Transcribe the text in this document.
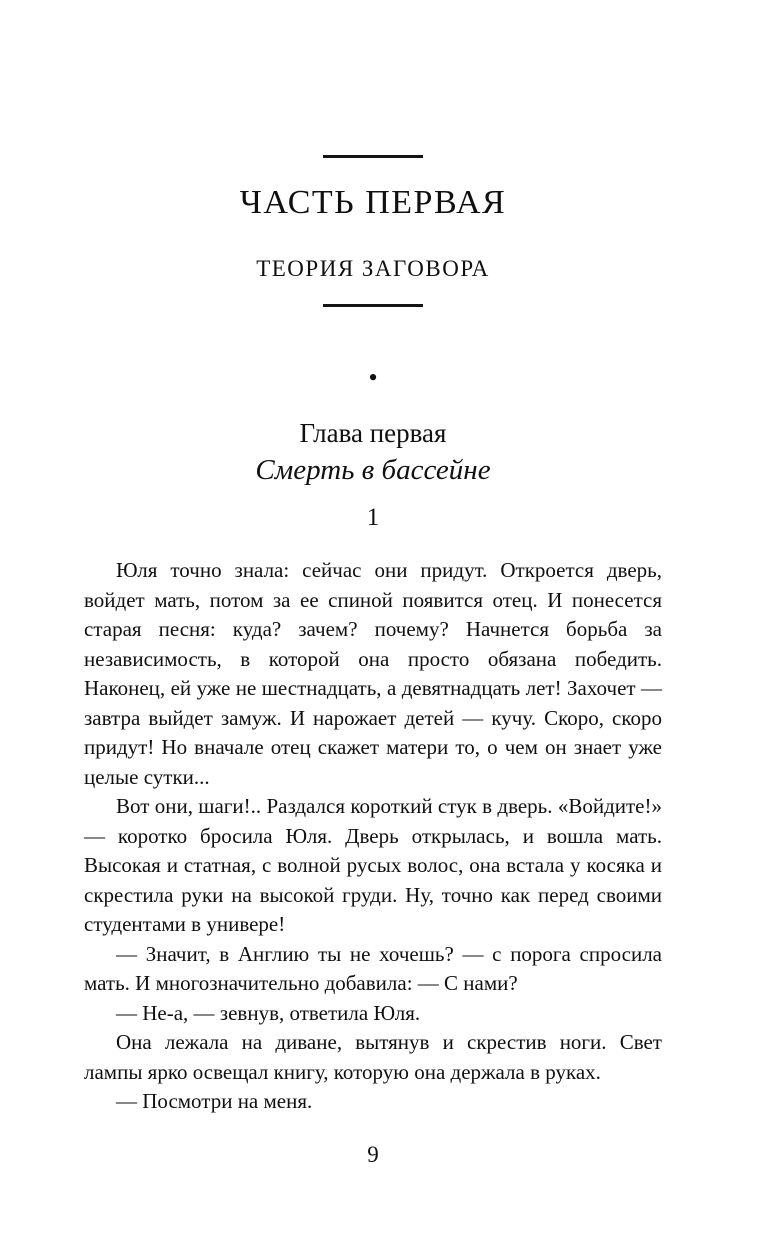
ЧАСТЬ ПЕРВАЯ
ТЕОРИЯ ЗАГОВОРА
•
Глава первая
Смерть в бассейне
1

Юля точно знала: сейчас они придут. Откроется дверь, войдет мать, потом за ее спиной появится отец. И понесется старая песня: куда? зачем? почему? Начнется борьба за независимость, в которой она просто обязана победить. Наконец, ей уже не шестнадцать, а девятнадцать лет! Захочет — завтра выйдет замуж. И нарожает детей — кучу. Скоро, скоро придут! Но вначале отец скажет матери то, о чем он знает уже целые сутки...

Вот они, шаги!.. Раздался короткий стук в дверь. «Войдите!» — коротко бросила Юля. Дверь открылась, и вошла мать. Высокая и статная, с волной русых волос, она встала у косяка и скрестила руки на высокой груди. Ну, точно как перед своими студентами в универе!

— Значит, в Англию ты не хочешь? — с порога спросила мать. И многозначительно добавила: — С нами?

— Не-а, — зевнув, ответила Юля.

Она лежала на диване, вытянув и скрестив ноги. Свет лампы ярко освещал книгу, которую она держала в руках.

— Посмотри на меня.

9
